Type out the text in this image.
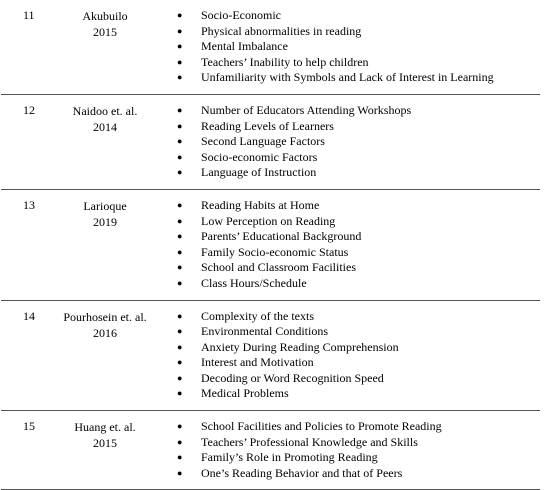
11	Akubuilo
2015
● Socio-Economic
● Physical abnormalities in reading
● Mental Imbalance
● Teachers’ Inability to help children
● Unfamiliarity with Symbols and Lack of Interest in Learning
12	Naidoo et. al.
2014
● Number of Educators Attending Workshops
● Reading Levels of Learners
● Second Language Factors
● Socio-economic Factors
● Language of Instruction
13	Larioque
2019
● Reading Habits at Home
● Low Perception on Reading
● Parents’ Educational Background
● Family Socio-economic Status
● School and Classroom Facilities
● Class Hours/Schedule
14	Pourhosein et. al.
2016
● Complexity of the texts
● Environmental Conditions
● Anxiety During Reading Comprehension
● Interest and Motivation
● Decoding or Word Recognition Speed
● Medical Problems
15	Huang et. al.
2015
● School Facilities and Policies to Promote Reading
● Teachers’ Professional Knowledge and Skills
● Family’s Role in Promoting Reading
● One’s Reading Behavior and that of Peers
